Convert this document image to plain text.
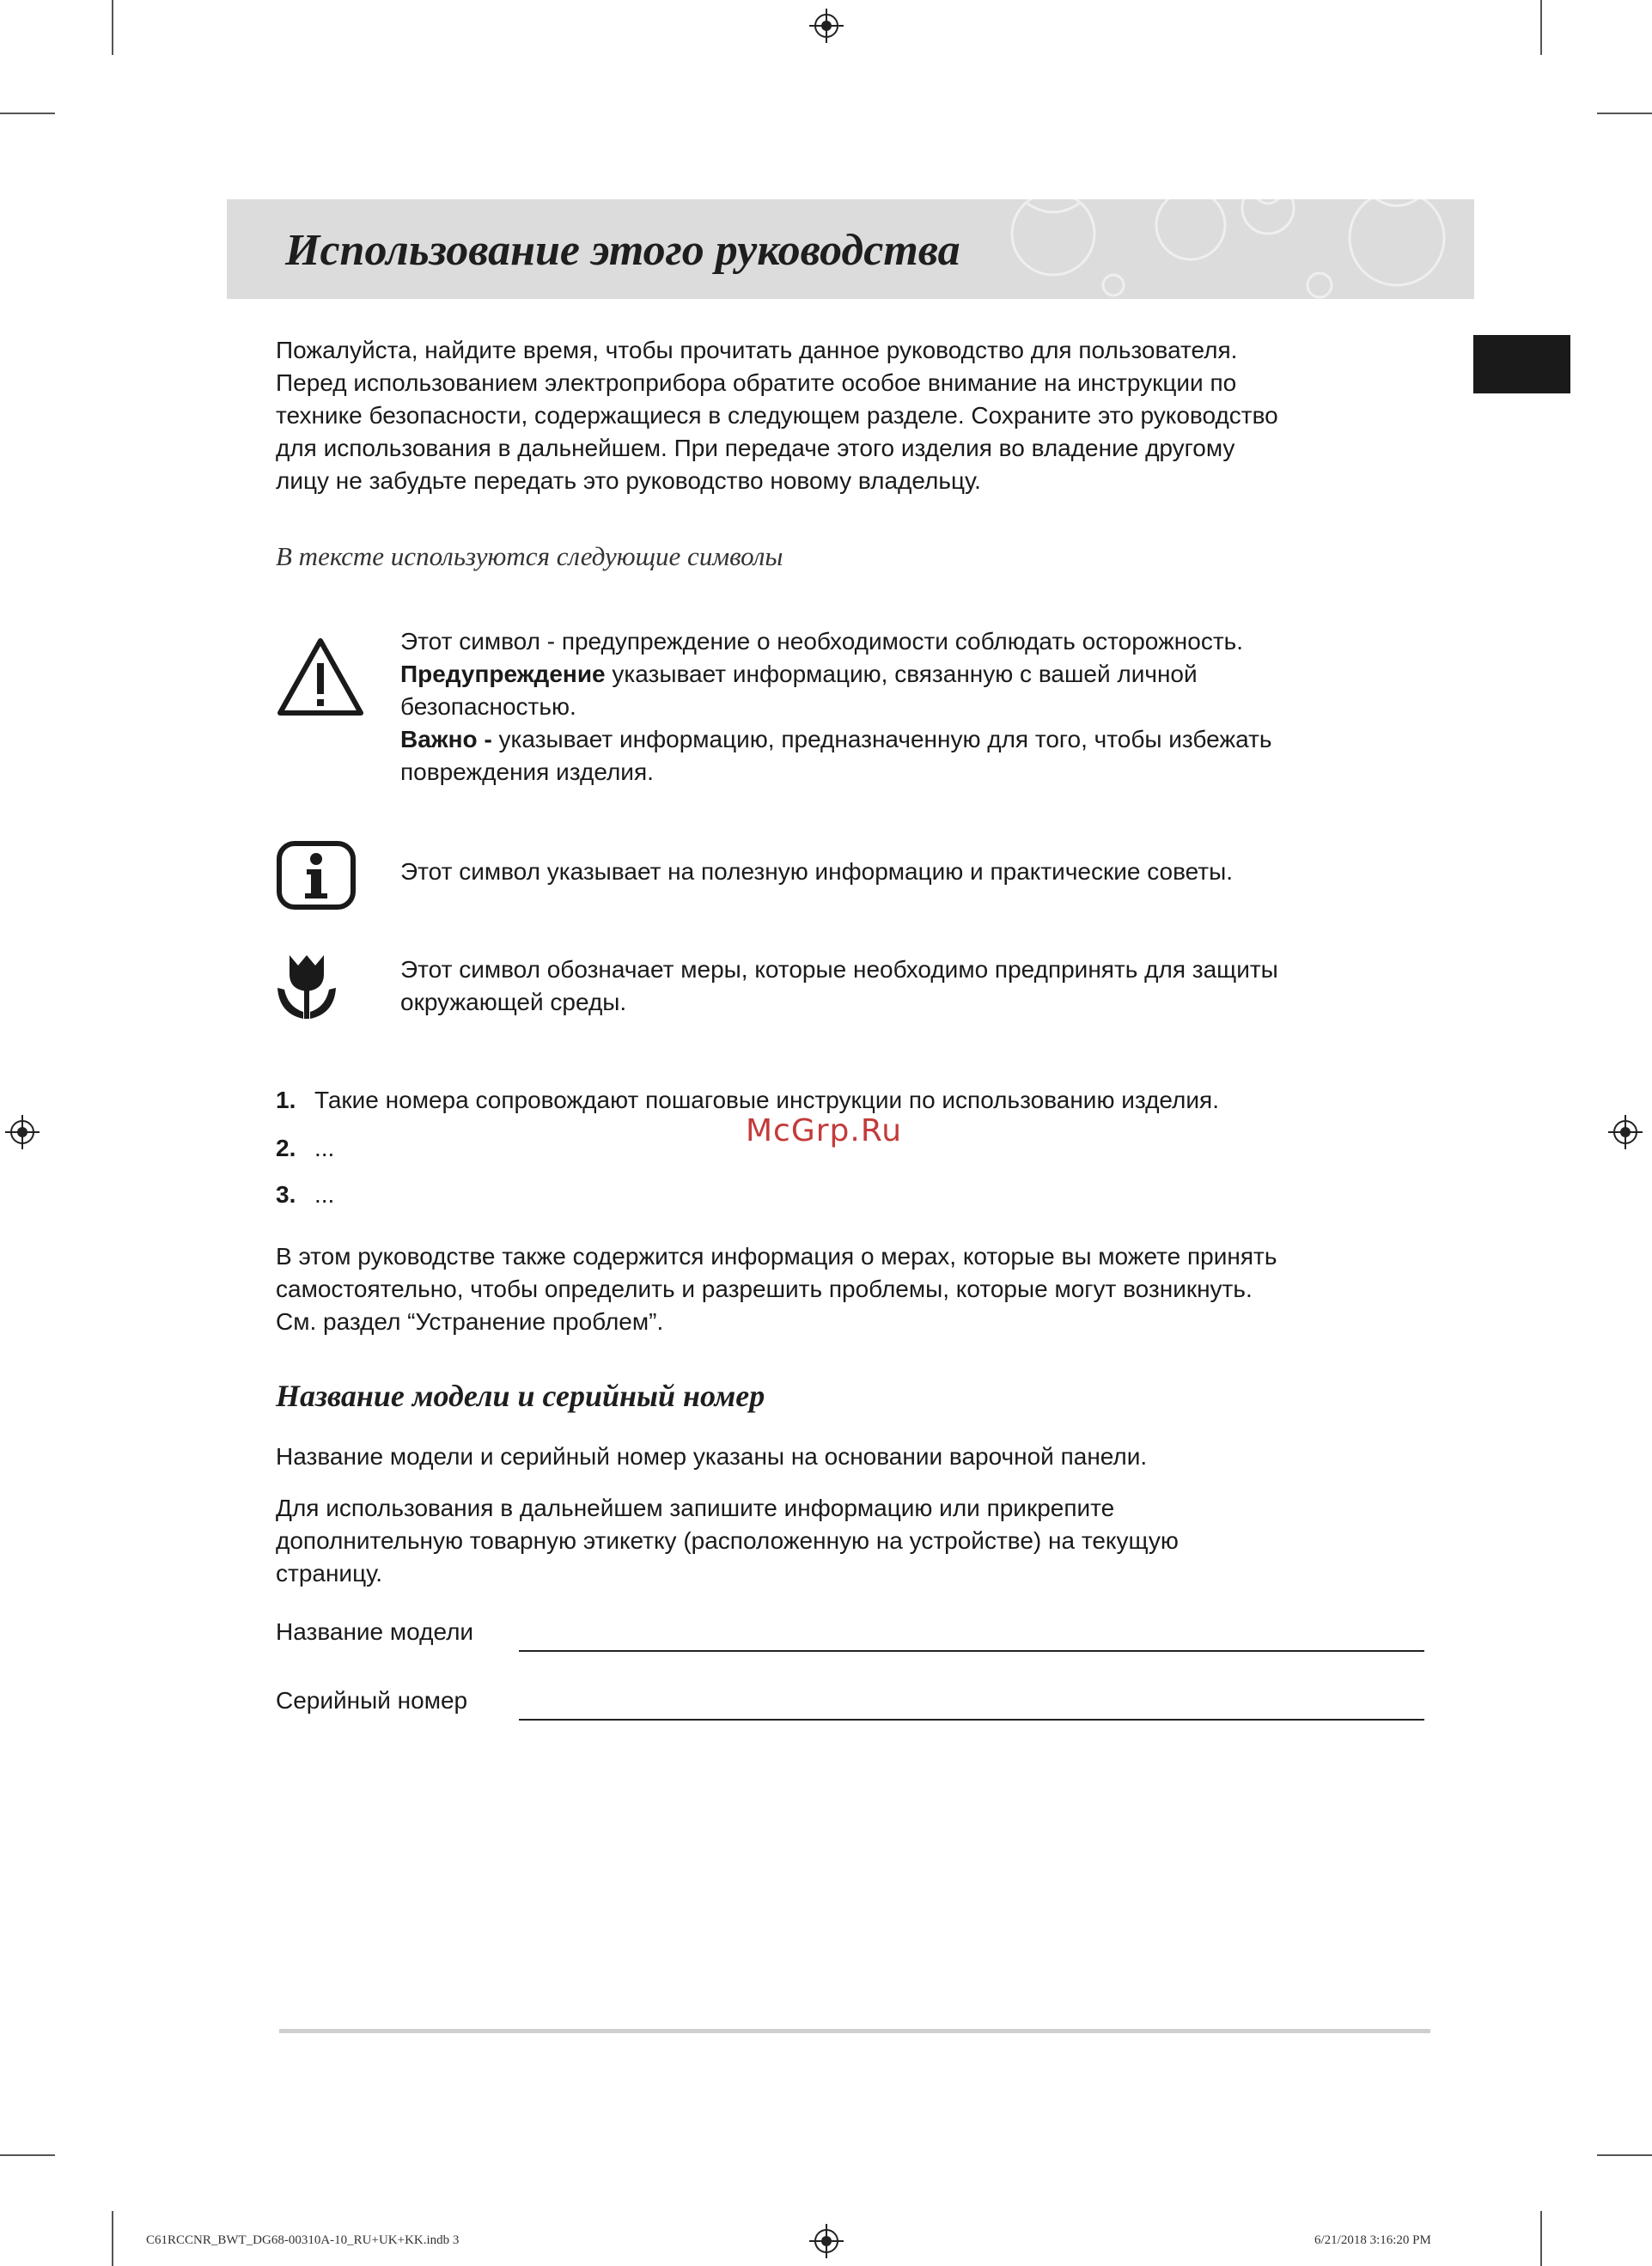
Использование этого руководства

Пожалуйста, найдите время, чтобы прочитать данное руководство для пользователя.

Перед использованием электроприбора обратите особое внимание на инструкции по

технике безопасности, содержащиеся в следующем разделе. Сохраните это руководство

для использования в дальнейшем. При передаче этого изделия во владение другому

лицу не забудьте передать это руководство новому владельцу.

В тексте используются следующие символы
Этот символ - предупреждение о необходимости соблюдать осторожность.
Предупреждение указывает информацию, связанную с вашей личной
безопасностью.
Важно - указывает информацию, предназначенную для того, чтобы избежать
повреждения изделия.
Этот символ указывает на полезную информацию и практические советы.
Этот символ обозначает меры, которые необходимо предпринять для защиты
окружающей среды.
1. Такие номера сопровождают пошаговые инструкции по использованию изделия.
2. ...
3. ...
McGrp.Ru

В этом руководстве также содержится информация о мерах, которые вы можете принять

самостоятельно, чтобы определить и разрешить проблемы, которые могут возникнуть.

См. раздел “Устранение проблем”.

Название модели и серийный номер

Название модели и серийный номер указаны на основании варочной панели.

Для использования в дальнейшем запишите информацию или прикрепите

дополнительную товарную этикетку (расположенную на устройстве) на текущую

страницу.

Название модели
Серийный номер
C61RCCNR_BWT_DG68-00310A-10_RU+UK+KK.indb 3	6/21/2018 3:16:20 PM
